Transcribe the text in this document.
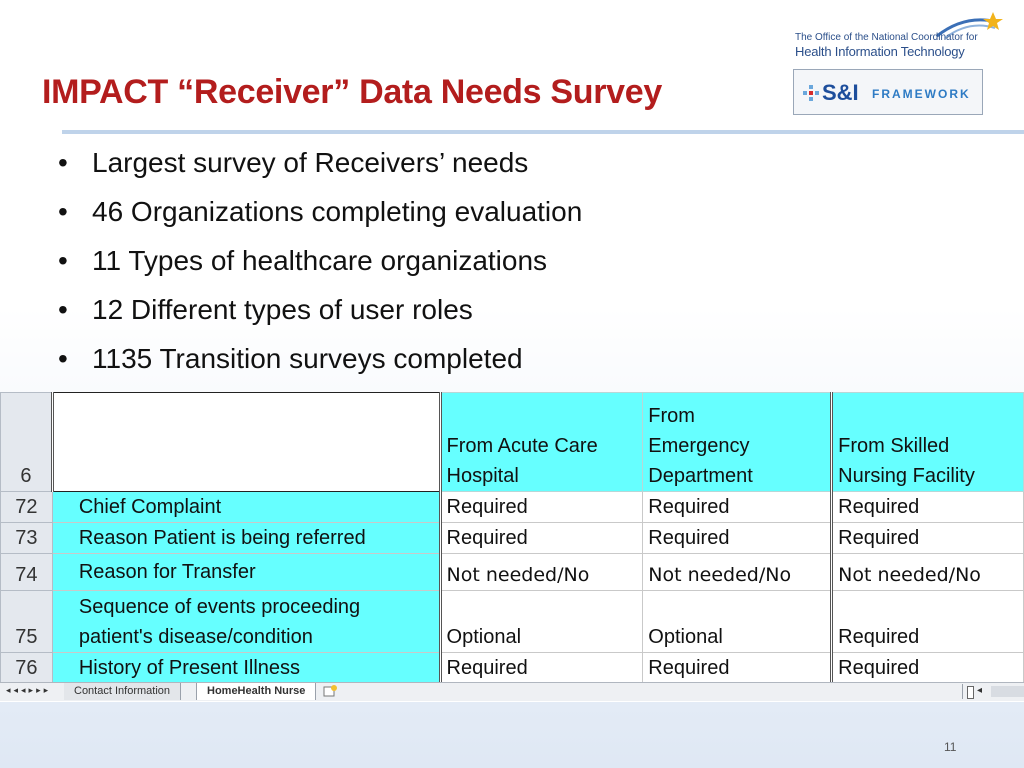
The Office of the National Coordinator for
Health Information Technology
IMPACT “Receiver” Data Needs Survey	S&I FRAMEWORK
• Largest survey of Receivers’ needs
• 46 Organizations completing evaluation
• 11 Types of healthcare organizations
• 12 Different types of user roles
• 1135 Transition surveys completed
6		From Acute Care Hospital	From Emergency Department	From Skilled Nursing Facility
72	Chief Complaint	Required	Required	Required
73	Reason Patient is being referred	Required	Required	Required
74	Reason for Transfer	Not needed/No	Not needed/No	Not needed/No
75	Sequence of events proceeding patient's disease/condition	Optional	Optional	Required
76	History of Present Illness	Required	Required	Required
◂◂◂▸▸▸	Contact Information	HomeHealth Nurse	◂
11
